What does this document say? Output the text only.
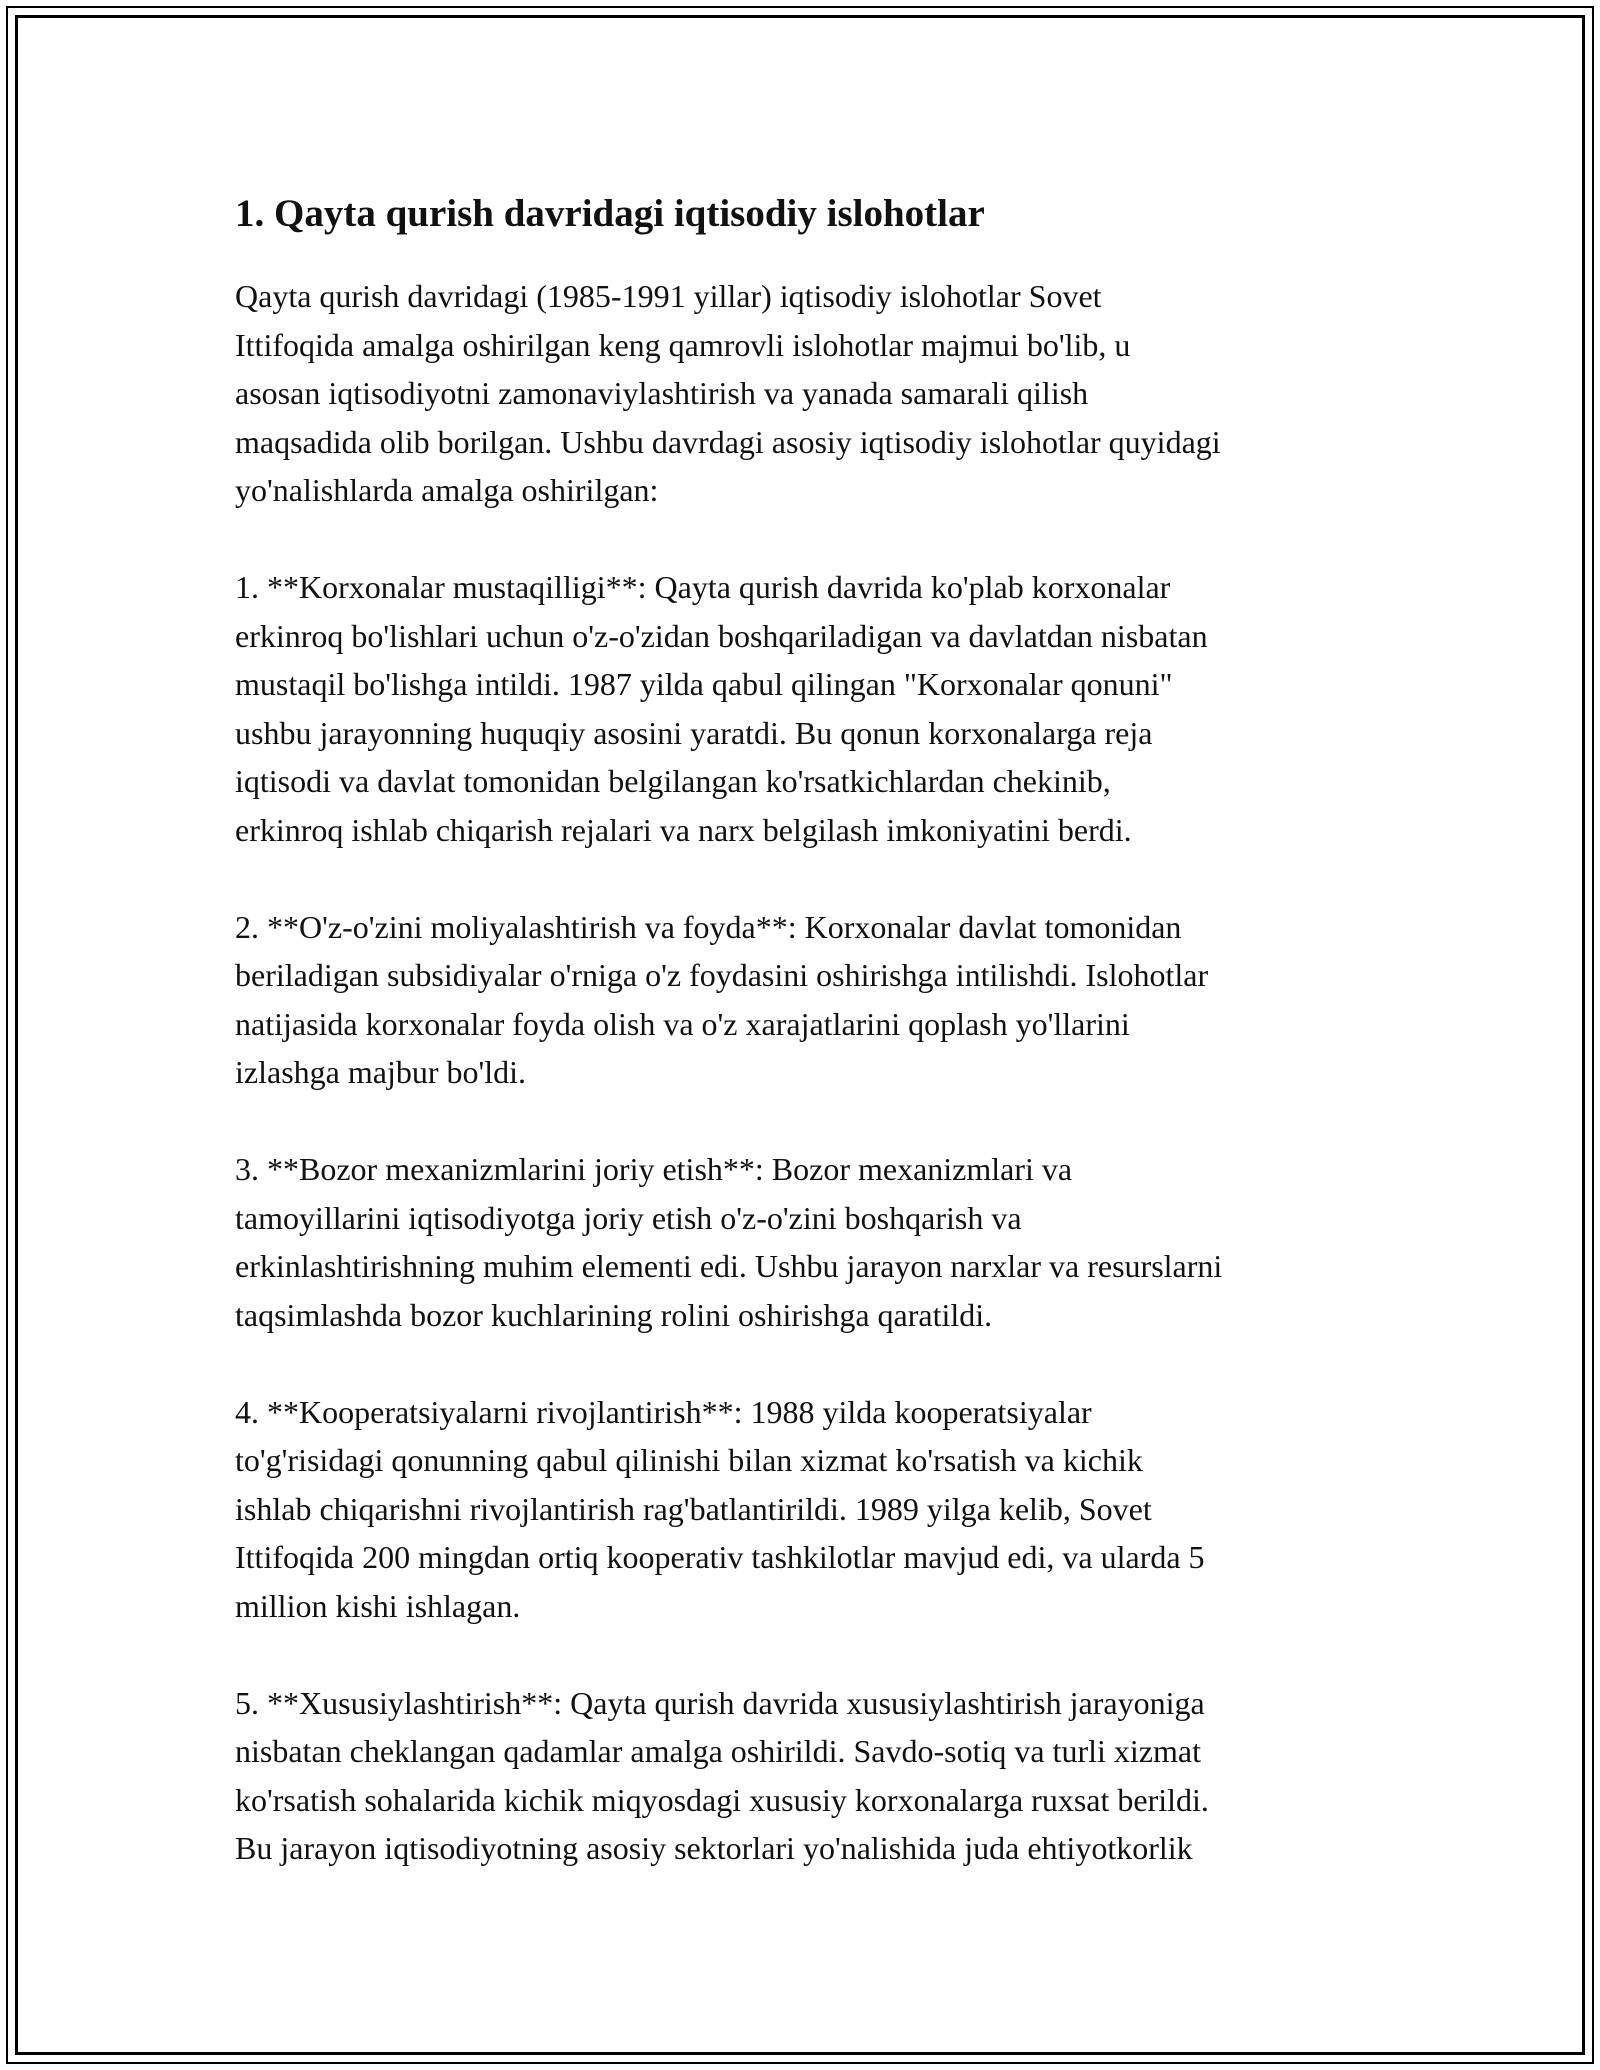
1. Qayta qurish davridagi iqtisodiy islohotlar

Qayta qurish davridagi (1985-1991 yillar) iqtisodiy islohotlar Sovet
Ittifoqida amalga oshirilgan keng qamrovli islohotlar majmui bo'lib, u
asosan iqtisodiyotni zamonaviylashtirish va yanada samarali qilish
maqsadida olib borilgan. Ushbu davrdagi asosiy iqtisodiy islohotlar quyidagi
yo'nalishlarda amalga oshirilgan:

1. **Korxonalar mustaqilligi**: Qayta qurish davrida ko'plab korxonalar
erkinroq bo'lishlari uchun o'z-o'zidan boshqariladigan va davlatdan nisbatan
mustaqil bo'lishga intildi. 1987 yilda qabul qilingan "Korxonalar qonuni"
ushbu jarayonning huquqiy asosini yaratdi. Bu qonun korxonalarga reja
iqtisodi va davlat tomonidan belgilangan ko'rsatkichlardan chekinib,
erkinroq ishlab chiqarish rejalari va narx belgilash imkoniyatini berdi.

2. **O'z-o'zini moliyalashtirish va foyda**: Korxonalar davlat tomonidan
beriladigan subsidiyalar o'rniga o'z foydasini oshirishga intilishdi. Islohotlar
natijasida korxonalar foyda olish va o'z xarajatlarini qoplash yo'llarini
izlashga majbur bo'ldi.

3. **Bozor mexanizmlarini joriy etish**: Bozor mexanizmlari va
tamoyillarini iqtisodiyotga joriy etish o'z-o'zini boshqarish va
erkinlashtirishning muhim elementi edi. Ushbu jarayon narxlar va resurslarni
taqsimlashda bozor kuchlarining rolini oshirishga qaratildi.

4. **Kooperatsiyalarni rivojlantirish**: 1988 yilda kooperatsiyalar
to'g'risidagi qonunning qabul qilinishi bilan xizmat ko'rsatish va kichik
ishlab chiqarishni rivojlantirish rag'batlantirildi. 1989 yilga kelib, Sovet
Ittifoqida 200 mingdan ortiq kooperativ tashkilotlar mavjud edi, va ularda 5
million kishi ishlagan.

5. **Xususiylashtirish**: Qayta qurish davrida xususiylashtirish jarayoniga
nisbatan cheklangan qadamlar amalga oshirildi. Savdo-sotiq va turli xizmat
ko'rsatish sohalarida kichik miqyosdagi xususiy korxonalarga ruxsat berildi.
Bu jarayon iqtisodiyotning asosiy sektorlari yo'nalishida juda ehtiyotkorlik
